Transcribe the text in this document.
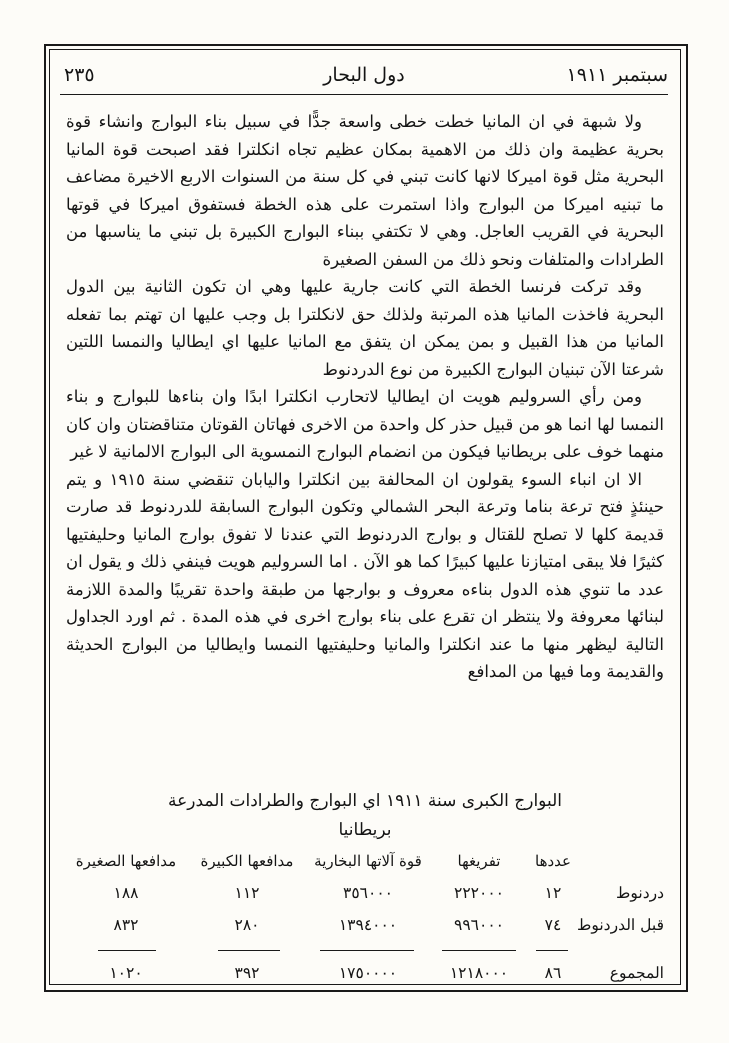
سبتمبر ١٩١١
دول البحار
٢٣٥

ولا شبهة في ان المانيا خطت خطى واسعة جدًّا في سبيل بناء البوارج وانشاء قوة بحرية عظيمة وان ذلك من الاهمية بمكان عظيم تجاه انكلترا فقد اصبحت قوة المانيا البحرية مثل قوة اميركا لانها كانت تبني في كل سنة من السنوات الاربع الاخيرة مضاعف ما تبنيه اميركا من البوارج واذا استمرت على هذه الخطة فستفوق اميركا في قوتها البحرية في القريب العاجل. وهي لا تكتفي ببناء البوارج الكبيرة بل تبني ما يناسبها من الطرادات والمتلفات ونحو ذلك من السفن الصغيرة

وقد تركت فرنسا الخطة التي كانت جارية عليها وهي ان تكون الثانية بين الدول البحرية فاخذت المانيا هذه المرتبة ولذلك حق لانكلترا بل وجب عليها ان تهتم بما تفعله المانيا من هذا القبيل و بمن يمكن ان يتفق مع المانيا عليها اي ايطاليا والنمسا اللتين شرعتا الآن تبنيان البوارج الكبيرة من نوع الدردنوط

ومن رأي السرولیم هويت ان ايطاليا لاتحارب انكلترا ابدًا وان بناءها للبوارج و بناء النمسا لها انما هو من قبيل حذر كل واحدة من الاخرى فهاتان القوتان متناقضتان وان كان منهما خوف على بريطانيا فيكون من انضمام البوارج النمسوية الى البوارج الالمانية لا غير

الا ان انباء السوء يقولون ان المحالفة بين انكلترا واليابان تنقضي سنة ١٩١٥ و يتم حينئذٍ فتح ترعة بناما وترعة البحر الشمالي وتكون البوارج السابقة للدردنوط قد صارت قديمة كلها لا تصلح للقتال و بوارج الدردنوط التي عندنا لا تفوق بوارج المانيا وحليفتيها كثيرًا فلا يبقى امتيازنا عليها كبيرًا كما هو الآن . اما السرولیم هويت فينفي ذلك و يقول ان عدد ما تنوي هذه الدول بناءه معروف و بوارجها من طبقة واحدة تقريبًا والمدة اللازمة لبنائها معروفة ولا ينتظر ان تقرع على بناء بوارج اخرى في هذه المدة . ثم اورد الجداول التالية ليظهر منها ما عند انكلترا والمانيا وحليفتيها النمسا وايطاليا من البوارج الحديثة والقديمة وما فيها من المدافع

البوارج الكبرى سنة ١٩١١ اي البوارج والطرادات المدرعة
بريطانيا
عددها
تفريغها
قوة آلاتها البخارية
مدافعها الكبيرة
مدافعها الصغيرة
دردنوط
١٢
٢٢٢٠٠٠
٣٥٦٠٠٠
١١٢
١٨٨
قبل الدردنوط
٧٤
٩٩٦٠٠٠
١٣٩٤٠٠٠
٢٨٠
٨٣٢
المجموع
٨٦
١٢١٨٠٠٠
١٧٥٠٠٠٠
٣٩٢
١٠٢٠
